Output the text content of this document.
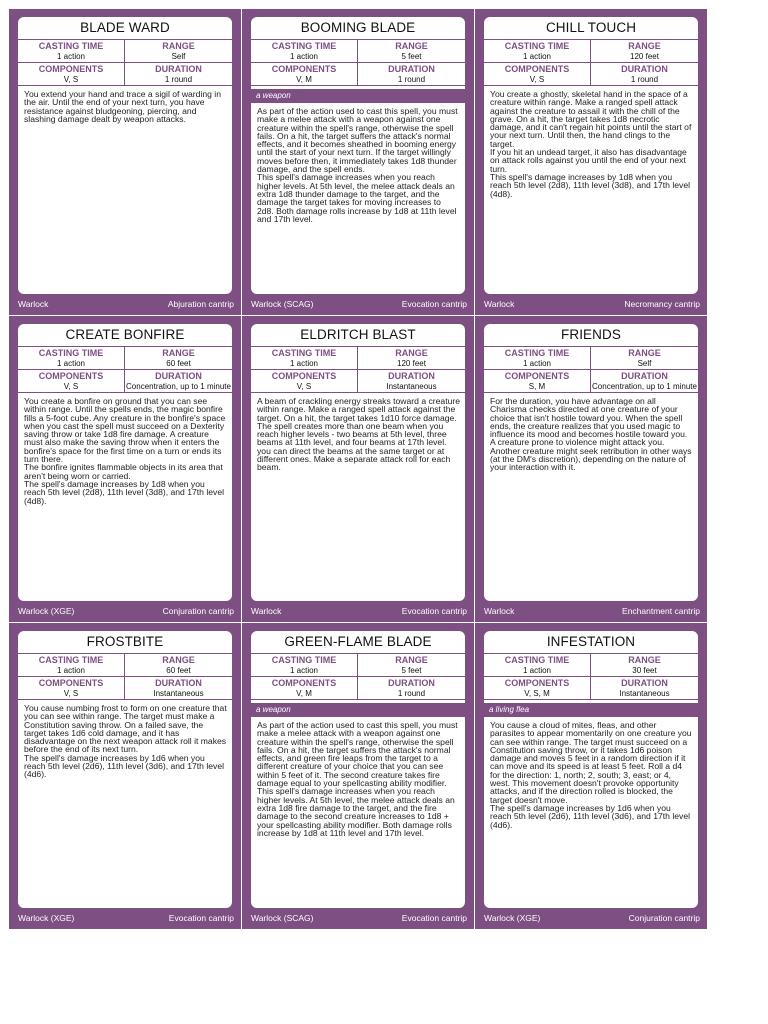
BLADE WARD
CASTING TIME
1 action
RANGE
Self
COMPONENTS
V, S
DURATION
1 round

You extend your hand and trace a sigil of warding in the air. Until the end of your next turn, you have resistance against bludgeoning, piercing, and slashing damage dealt by weapon attacks.

Warlock	Abjuration cantrip
BOOMING BLADE
CASTING TIME
1 action
RANGE
5 feet
COMPONENTS
V, M
DURATION
1 round
a weapon

As part of the action used to cast this spell, you must make a melee attack with a weapon against one creature within the spell's range, otherwise the spell fails. On a hit, the target suffers the attack's normal effects, and it becomes sheathed in booming energy until the start of your next turn. If the target willingly moves before then, it immediately takes 1d8 thunder damage, and the spell ends.

This spell's damage increases when you reach higher levels. At 5th level, the melee attack deals an extra 1d8 thunder damage to the target, and the damage the target takes for moving increases to 2d8. Both damage rolls increase by 1d8 at 11th level and 17th level.

Warlock (SCAG)	Evocation cantrip
CHILL TOUCH
CASTING TIME
1 action
RANGE
120 feet
COMPONENTS
V, S
DURATION
1 round

You create a ghostly, skeletal hand in the space of a creature within range. Make a ranged spell attack against the creature to assail it with the chill of the grave. On a hit, the target takes 1d8 necrotic damage, and it can't regain hit points until the start of your next turn. Until then, the hand clings to the target.

If you hit an undead target, it also has disadvantage on attack rolls against you until the end of your next turn.

This spell's damage increases by 1d8 when you reach 5th level (2d8), 11th level (3d8), and 17th level (4d8).

Warlock	Necromancy cantrip
CREATE BONFIRE
CASTING TIME
1 action
RANGE
60 feet
COMPONENTS
V, S
DURATION
Concentration, up to 1 minute

You create a bonfire on ground that you can see within range. Until the spells ends, the magic bonfire fills a 5-foot cube. Any creature in the bonfire's space when you cast the spell must succeed on a Dexterity saving throw or take 1d8 fire damage. A creature must also make the saving throw when it enters the bonfire's space for the first time on a turn or ends its turn there.

The bonfire ignites flammable objects in its area that aren't being worn or carried.

The spell's damage increases by 1d8 when you reach 5th level (2d8), 11th level (3d8), and 17th level (4d8).

Warlock (XGE)	Conjuration cantrip
ELDRITCH BLAST
CASTING TIME
1 action
RANGE
120 feet
COMPONENTS
V, S
DURATION
Instantaneous

A beam of crackling energy streaks toward a creature within range. Make a ranged spell attack against the target. On a hit, the target takes 1d10 force damage.

The spell creates more than one beam when you reach higher levels - two beams at 5th level, three beams at 11th level, and four beams at 17th level. you can direct the beams at the same target or at different ones. Make a separate attack roll for each beam.

Warlock	Evocation cantrip
FRIENDS
CASTING TIME
1 action
RANGE
Self
COMPONENTS
S, M
DURATION
Concentration, up to 1 minute

For the duration, you have advantage on all Charisma checks directed at one creature of your choice that isn't hostile toward you. When the spell ends, the creature realizes that you used magic to influence its mood and becomes hostile toward you. A creature prone to violence might attack you. Another creature might seek retribution in other ways (at the DM's discretion), depending on the nature of your interaction with it.

Warlock	Enchantment cantrip
FROSTBITE
CASTING TIME
1 action
RANGE
60 feet
COMPONENTS
V, S
DURATION
Instantaneous

You cause numbing frost to form on one creature that you can see within range. The target must make a Constitution saving throw. On a failed save, the target takes 1d6 cold damage, and it has disadvantage on the next weapon attack roll it makes before the end of its next turn.

The spell's damage increases by 1d6 when you reach 5th level (2d6), 11th level (3d6), and 17th level (4d6).

Warlock (XGE)	Evocation cantrip
GREEN-FLAME BLADE
CASTING TIME
1 action
RANGE
5 feet
COMPONENTS
V, M
DURATION
1 round
a weapon

As part of the action used to cast this spell, you must make a melee attack with a weapon against one creature within the spell's range, otherwise the spell fails. On a hit, the target suffers the attack's normal effects, and green fire leaps from the target to a different creature of your choice that you can see within 5 feet of it. The second creature takes fire damage equal to your spellcasting ability modifier.

This spell's damage increases when you reach higher levels. At 5th level, the melee attack deals an extra 1d8 fire damage to the target, and the fire damage to the second creature increases to 1d8 + your spellcasting ability modifier. Both damage rolls increase by 1d8 at 11th level and 17th level.

Warlock (SCAG)	Evocation cantrip
INFESTATION
CASTING TIME
1 action
RANGE
30 feet
COMPONENTS
V, S, M
DURATION
Instantaneous
a living flea

You cause a cloud of mites, fleas, and other parasites to appear momentarily on one creature you can see within range. The target must succeed on a Constitution saving throw, or it takes 1d6 poison damage and moves 5 feet in a random direction if it can move and its speed is at least 5 feet. Roll a d4 for the direction: 1, north; 2, south; 3, east; or 4, west. This movement doesn't provoke opportunity attacks, and if the direction rolled is blocked, the target doesn't move.

The spell's damage increases by 1d6 when you reach 5th level (2d6), 11th level (3d6), and 17th level (4d6).

Warlock (XGE)	Conjuration cantrip
